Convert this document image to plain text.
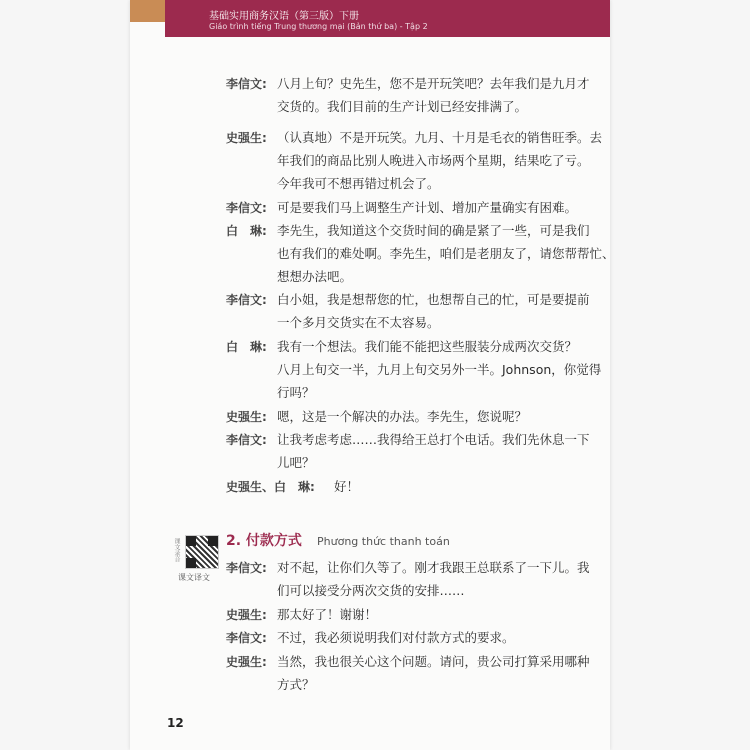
基础实用商务汉语（第三版）下册
Giáo trình tiếng Trung thương mại (Bản thứ ba) - Tập 2
李信文: 八月上旬？史先生，您不是开玩笑吧？去年我们是九月才
交货的。我们目前的生产计划已经安排满了。
史强生: （认真地）不是开玩笑。九月、十月是毛衣的销售旺季。去
年我们的商品比别人晚进入市场两个星期，结果吃了亏。
今年我可不想再错过机会了。
李信文: 可是要我们马上调整生产计划、增加产量确实有困难。
白　琳: 李先生，我知道这个交货时间的确是紧了一些，可是我们
也有我们的难处啊。李先生，咱们是老朋友了，请您帮帮忙、
想想办法吧。
李信文: 白小姐，我是想帮您的忙，也想帮自己的忙，可是要提前
一个多月交货实在不太容易。
白　琳: 我有一个想法。我们能不能把这些服装分成两次交货？
八月上旬交一半，九月上旬交另外一半。Johnson，你觉得
行吗？
史强生: 嗯，这是一个解决的办法。李先生，您说呢？
李信文: 让我考虑考虑……我得给王总打个电话。我们先休息一下
儿吧？
史强生、白　琳: 好！
课文录音
课文译文
2. 付款方式 Phương thức thanh toán
李信文: 对不起，让你们久等了。刚才我跟王总联系了一下儿。我
们可以接受分两次交货的安排……
史强生: 那太好了！谢谢！
李信文: 不过，我必须说明我们对付款方式的要求。
史强生: 当然，我也很关心这个问题。请问，贵公司打算采用哪种
方式？
12
